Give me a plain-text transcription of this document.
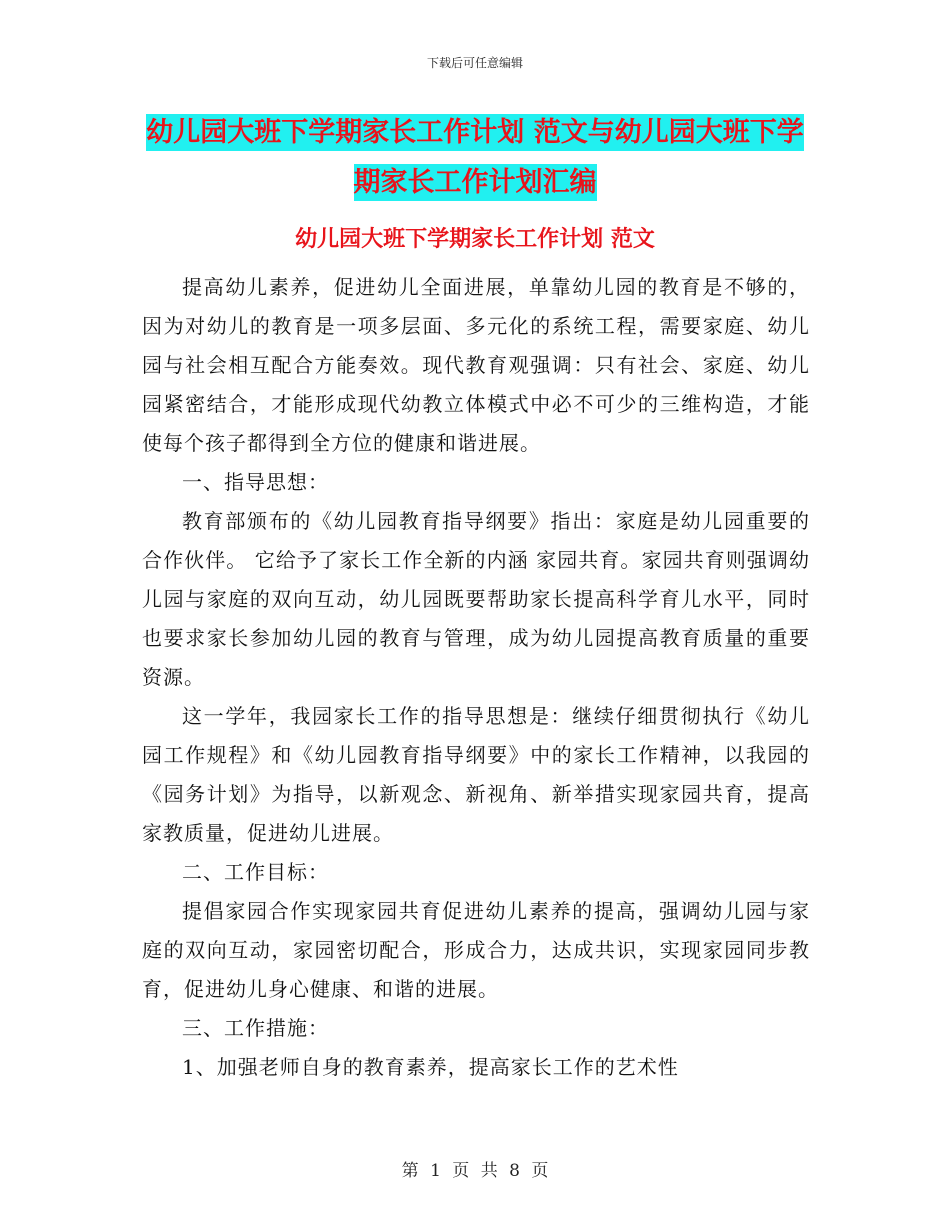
下载后可任意编辑
幼儿园大班下学期家长工作计划 范文与幼儿园大班下学期家长工作计划汇编
幼儿园大班下学期家长工作计划 范文

提高幼儿素养，促进幼儿全面进展，单靠幼儿园的教育是不够的，因为对幼儿的教育是一项多层面、多元化的系统工程，需要家庭、幼儿园与社会相互配合方能奏效。现代教育观强调：只有社会、家庭、幼儿园紧密结合，才能形成现代幼教立体模式中必不可少的三维构造，才能使每个孩子都得到全方位的健康和谐进展。

一、指导思想：

教育部颁布的《幼儿园教育指导纲要》指出：家庭是幼儿园重要的合作伙伴。 它给予了家长工作全新的内涵 家园共育。家园共育则强调幼儿园与家庭的双向互动，幼儿园既要帮助家长提高科学育儿水平，同时也要求家长参加幼儿园的教育与管理，成为幼儿园提高教育质量的重要资源。

这一学年，我园家长工作的指导思想是：继续仔细贯彻执行《幼儿园工作规程》和《幼儿园教育指导纲要》中的家长工作精神，以我园的《园务计划》为指导，以新观念、新视角、新举措实现家园共育，提高家教质量，促进幼儿进展。

二、工作目标：

提倡家园合作实现家园共育促进幼儿素养的提高，强调幼儿园与家庭的双向互动，家园密切配合，形成合力，达成共识，实现家园同步教育，促进幼儿身心健康、和谐的进展。

三、工作措施：

1、加强老师自身的教育素养，提高家长工作的艺术性

第 1 页 共 8 页
